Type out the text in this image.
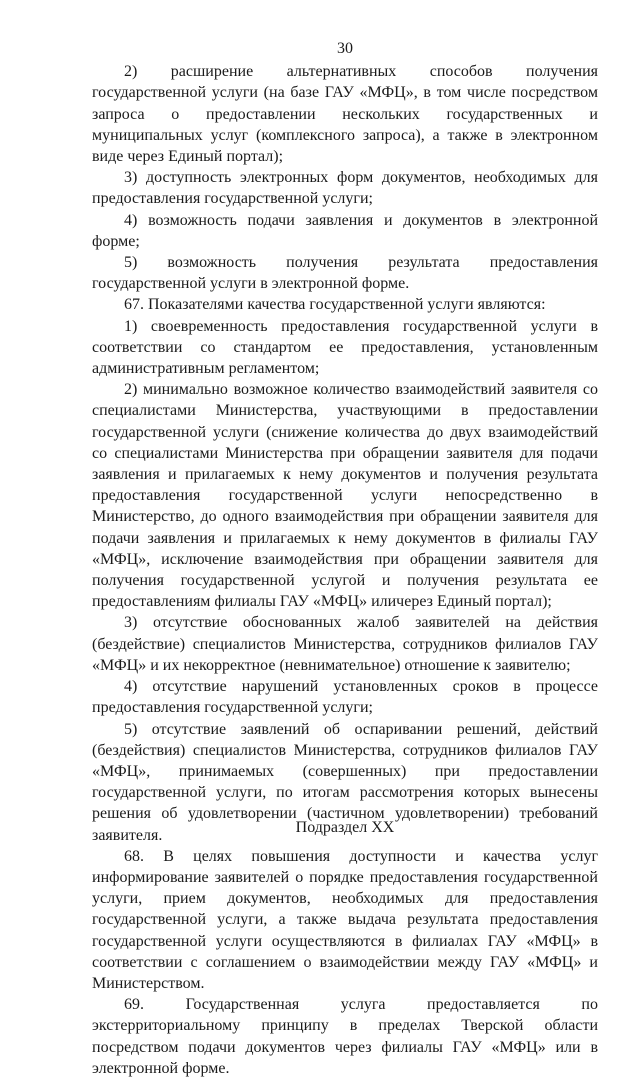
30

2) расширение альтернативных способов получения государственной услуги (на базе ГАУ «МФЦ», в том числе посредством запроса о предоставлении нескольких государственных и муниципальных услуг (комплексного запроса), а также в электронном виде через Единый портал);

3) доступность электронных форм документов, необходимых для предоставления государственной услуги;

4) возможность подачи заявления и документов в электронной форме;

5) возможность получения результата предоставления государственной услуги в электронной форме.

67. Показателями качества государственной услуги являются:

1) своевременность предоставления государственной услуги в соответствии со стандартом ее предоставления, установленным административным регламентом;

2) минимально возможное количество взаимодействий заявителя со специалистами Министерства, участвующими в предоставлении государственной услуги (снижение количества до двух взаимодействий со специалистами Министерства при обращении заявителя для подачи заявления и прилагаемых к нему документов и получения результата предоставления государственной услуги непосредственно в Министерство, до одного взаимодействия при обращении заявителя для подачи заявления и прилагаемых к нему документов в филиалы ГАУ «МФЦ», исключение взаимодействия при обращении заявителя для получения государственной услугой и получения результата ее предоставлениям филиалы ГАУ «МФЦ» иличерез Единый портал);

3) отсутствие обоснованных жалоб заявителей на действия (бездействие) специалистов Министерства, сотрудников филиалов ГАУ «МФЦ» и их некорректное (невнимательное) отношение к заявителю;

4) отсутствие нарушений установленных сроков в процессе предоставления государственной услуги;

5) отсутствие заявлений об оспаривании решений, действий (бездействия) специалистов Министерства, сотрудников филиалов ГАУ «МФЦ», принимаемых (совершенных) при предоставлении государственной услуги, по итогам рассмотрения которых вынесены решения об удовлетворении (частичном удовлетворении) требований заявителя.

68. В целях повышения доступности и качества услуг информирование заявителей о порядке предоставления государственной услуги, прием документов, необходимых для предоставления государственной услуги, а также выдача результата предоставления государственной услуги осуществляются в филиалах ГАУ «МФЦ» в соответствии с соглашением о взаимодействии между ГАУ «МФЦ» и Министерством.

69. Государственная услуга предоставляется по экстерриториальному принципу в пределах Тверской области посредством подачи документов через филиалы ГАУ «МФЦ» или в электронной форме.

Подраздел XX
